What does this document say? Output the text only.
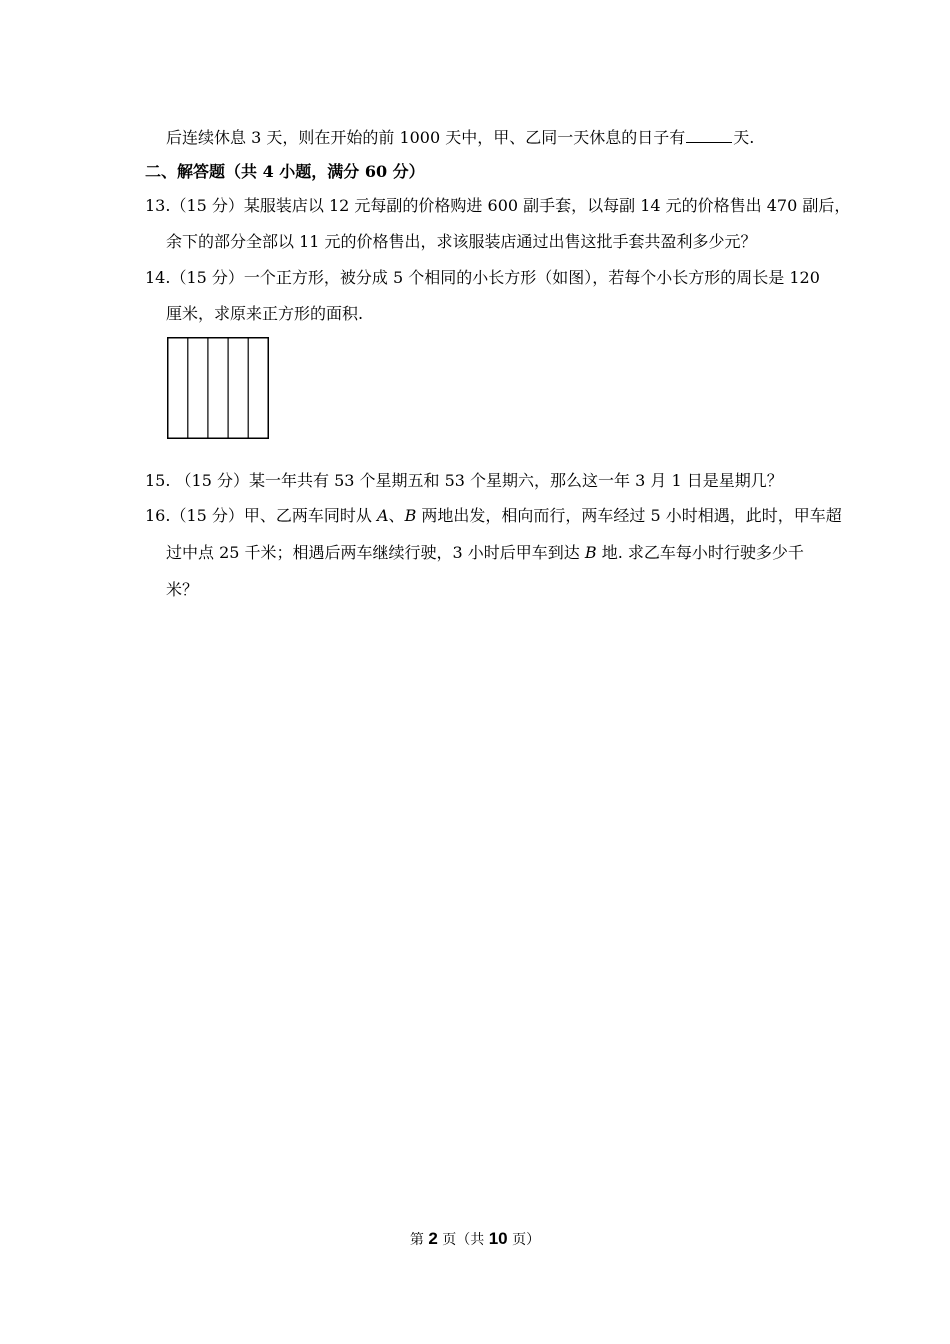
后连续休息 3 天，则在开始的前 1000 天中，甲、乙同一天休息的日子有	天.
二、解答题（共 4 小题，满分 60 分）
13.（15 分）某服装店以 12 元每副的价格购进 600 副手套，以每副 14 元的价格售出 470 副后，
余下的部分全部以 11 元的价格售出，求该服装店通过出售这批手套共盈利多少元？
14.（15 分）一个正方形，被分成 5 个相同的小长方形（如图），若每个小长方形的周长是 120
厘米，求原来正方形的面积.
15. （15 分）某一年共有 53 个星期五和 53 个星期六，那么这一年 3 月 1 日是星期几？
16.（15 分）甲、乙两车同时从 A、B 两地出发，相向而行，两车经过 5 小时相遇，此时，甲车超
过中点 25 千米；相遇后两车继续行驶，3 小时后甲车到达 B 地. 求乙车每小时行驶多少千
米？
第 2 页（共 10 页）
